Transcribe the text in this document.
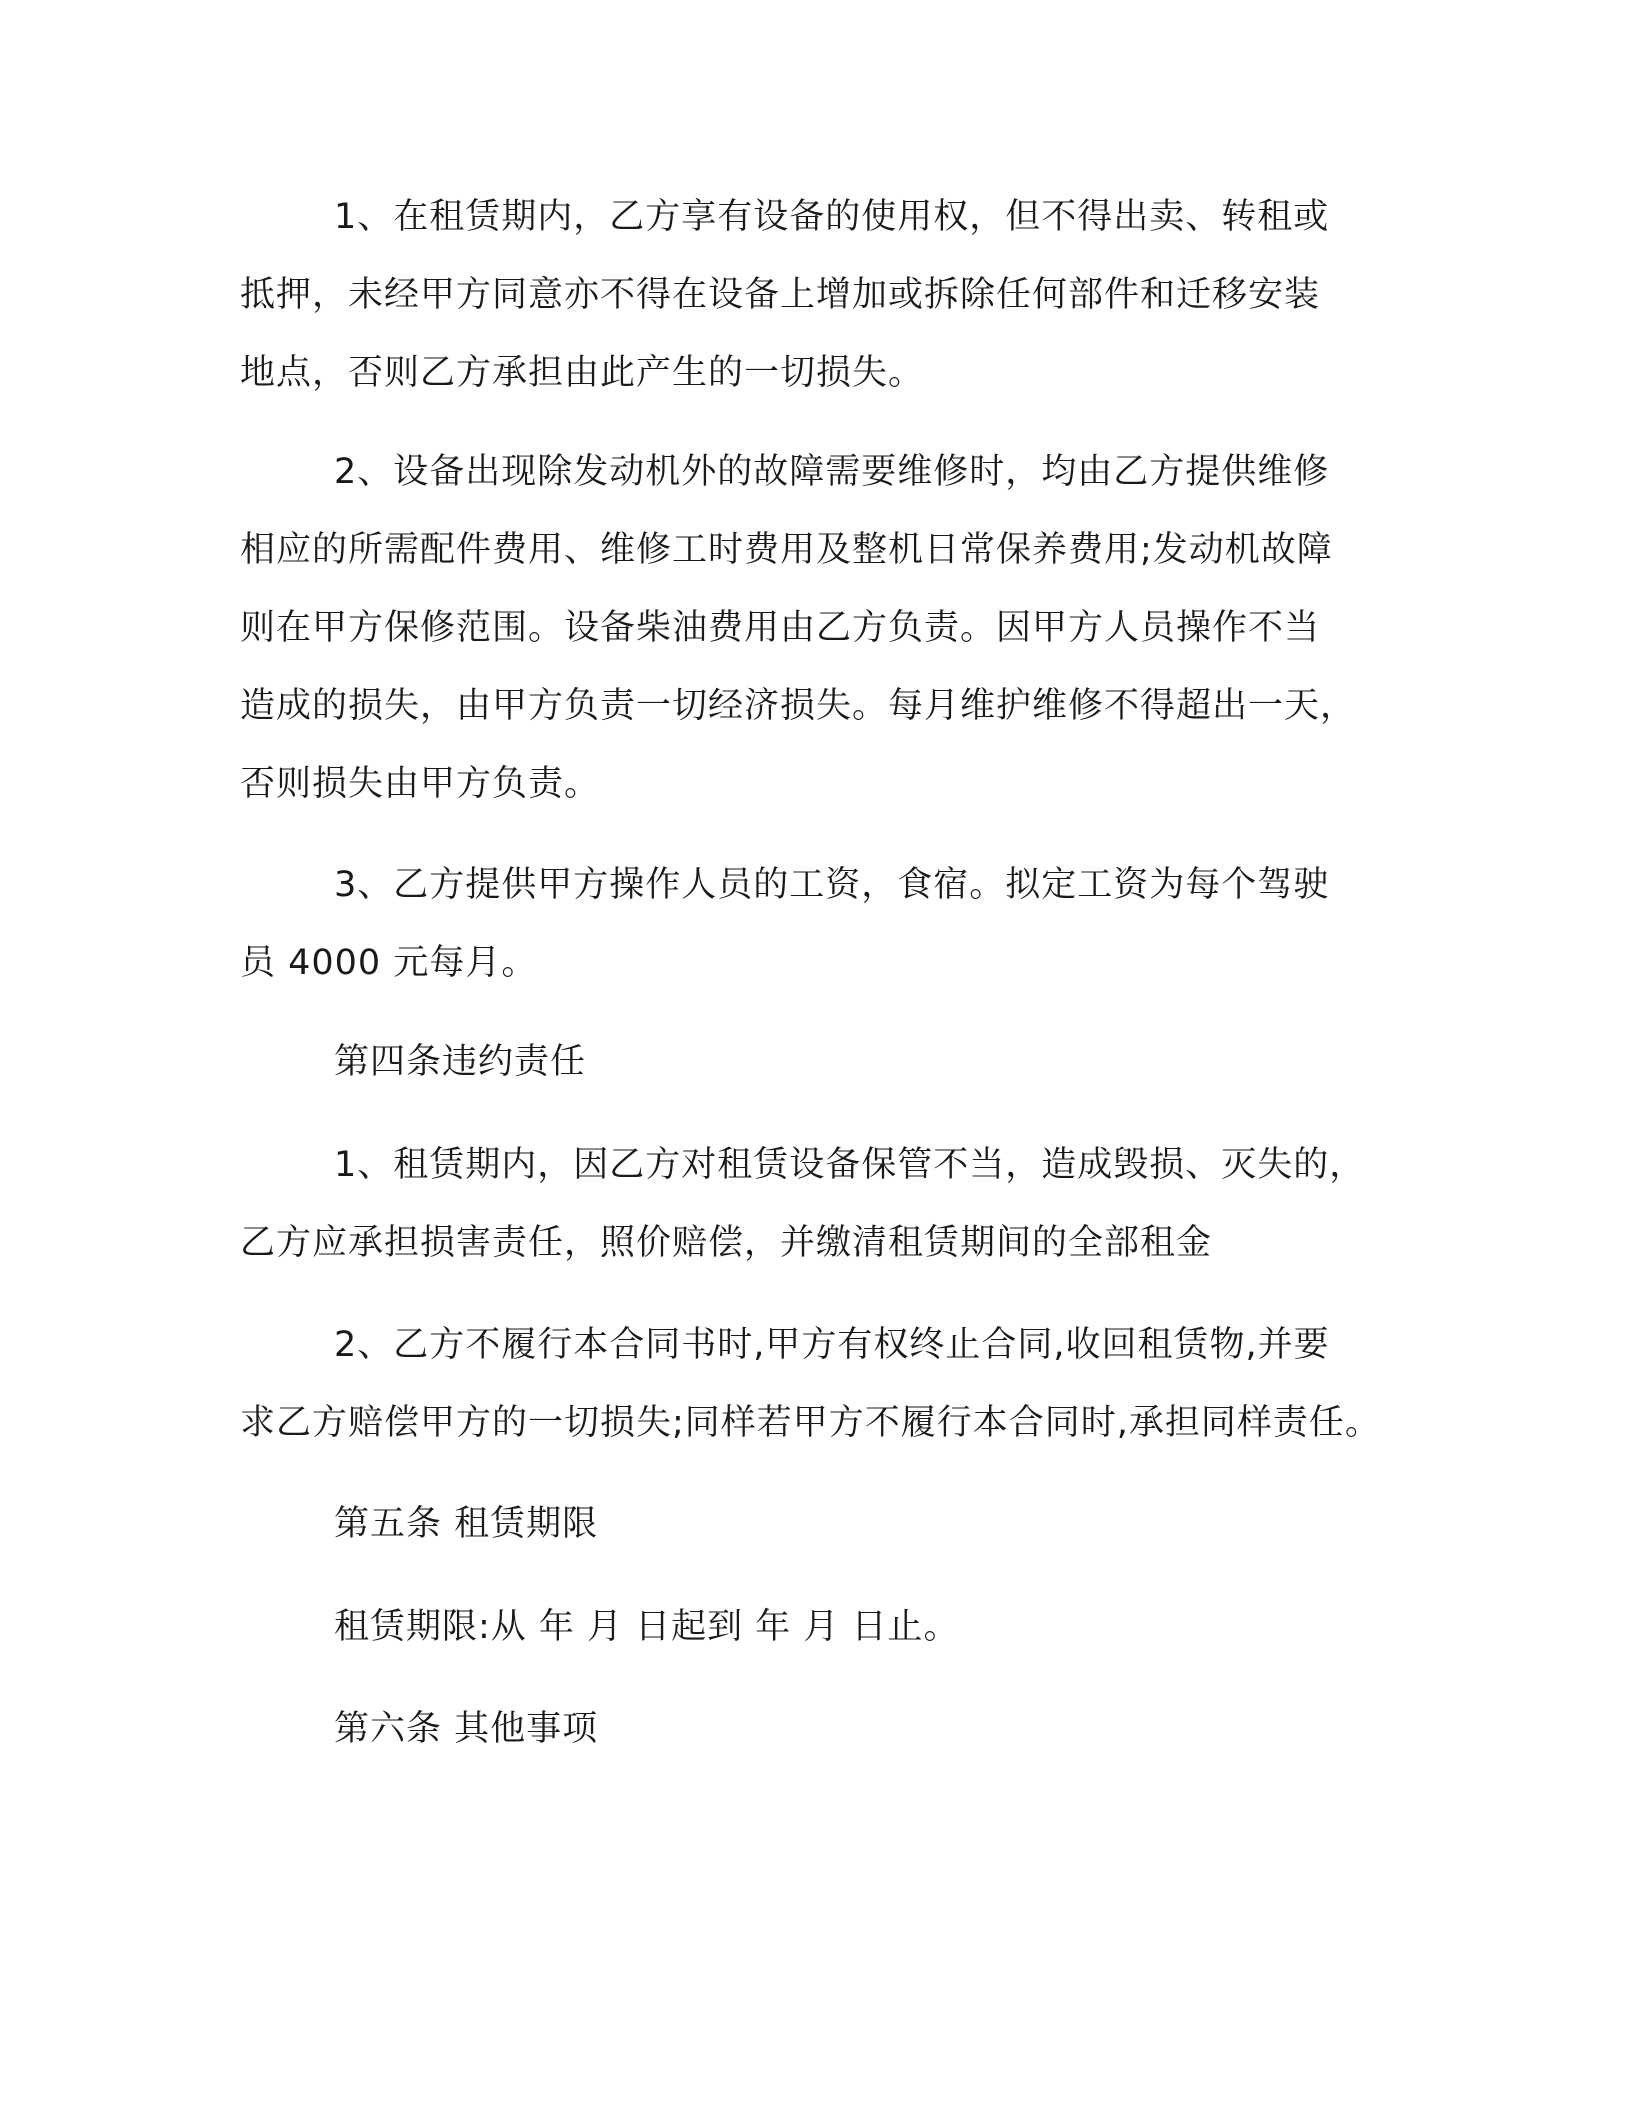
1、在租赁期内，乙方享有设备的使用权，但不得出卖、转租或
抵押，未经甲方同意亦不得在设备上增加或拆除任何部件和迁移安装
地点，否则乙方承担由此产生的一切损失。
2、设备出现除发动机外的故障需要维修时，均由乙方提供维修
相应的所需配件费用、维修工时费用及整机日常保养费用;发动机故障
则在甲方保修范围。设备柴油费用由乙方负责。因甲方人员操作不当
造成的损失，由甲方负责一切经济损失。每月维护维修不得超出一天，
否则损失由甲方负责。
3、乙方提供甲方操作人员的工资，食宿。拟定工资为每个驾驶
员 4000 元每月。
第四条违约责任
1、租赁期内，因乙方对租赁设备保管不当，造成毁损、灭失的，
乙方应承担损害责任，照价赔偿，并缴清租赁期间的全部租金
2、乙方不履行本合同书时,甲方有权终止合同,收回租赁物,并要
求乙方赔偿甲方的一切损失;同样若甲方不履行本合同时,承担同样责任。
第五条 租赁期限
租赁期限:从 年 月 日起到 年 月 日止。
第六条 其他事项
